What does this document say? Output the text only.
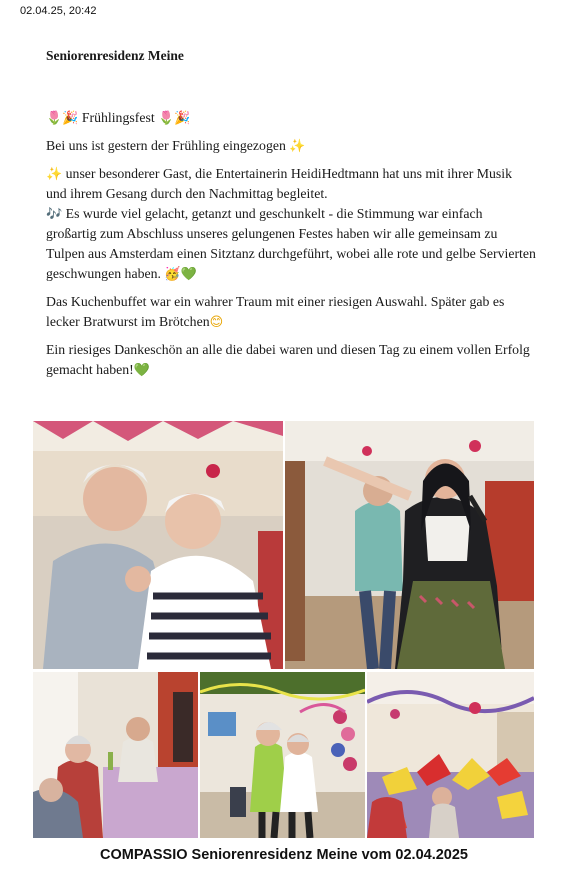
02.04.25, 20:42
Seniorenresidenz Meine

🌷🎉 Frühlingsfest 🌷🎉

Bei uns ist gestern der Frühling eingezogen ✨

✨ unser besonderer Gast, die Entertainerin HeidiHedtmann hat uns mit ihrer Musik und ihrem Gesang durch den Nachmittag begleitet.

🎶 Es wurde viel gelacht, getanzt und geschunkelt - die Stimmung war einfach großartig zum Abschluss unseres gelungenen Festes haben wir alle gemeinsam zu Tulpen aus Amsterdam einen Sitztanz durchgeführt, wobei alle rote und gelbe Servierten geschwungen haben. 🥳💚

Das Kuchenbuffet war ein wahrer Traum mit einer riesigen Auswahl. Später gab es lecker Bratwurst im Brötchen😊

Ein riesiges Dankeschön an alle die dabei waren und diesen Tag zu einem vollen Erfolg gemacht haben!💚

COMPASSIO Seniorenresidenz Meine vom 02.04.2025
